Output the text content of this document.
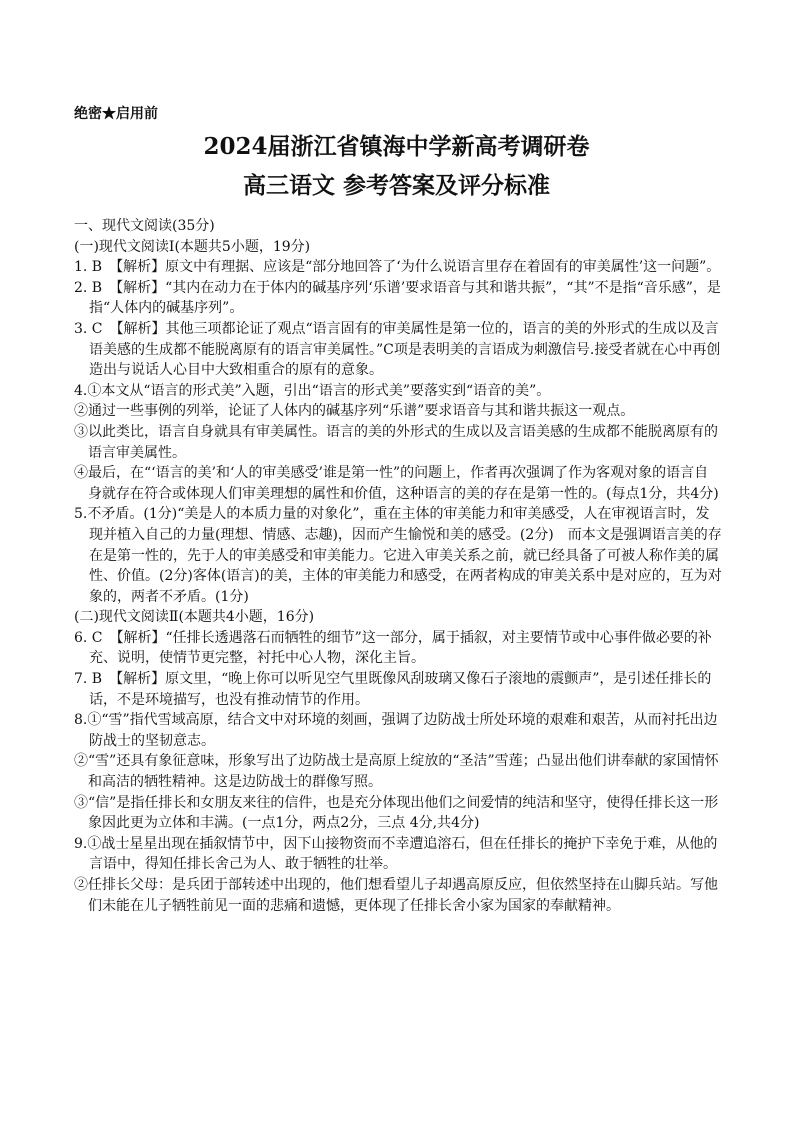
绝密★启用前
2024届浙江省镇海中学新高考调研卷
高三语文 参考答案及评分标准

一、现代文阅读(35分)

(一)现代文阅读Ⅰ(本题共5小题，19分)

1. B　【解析】原文中有理据、应该是“部分地回答了‘为什么说语言里存在着固有的审美属性’这一问题”。

2. B　【解析】“其内在动力在于体内的碱基序列‘乐谱’要求语音与其和谐共振”，“其”不是指“音乐感”，是指“人体内的碱基序列”。

3. C　【解析】其他三项都论证了观点“语言固有的审美属性是第一位的，语言的美的外形式的生成以及言语美感的生成都不能脱离原有的语言审美属性。”C项是表明美的言语成为刺激信号.接受者就在心中再创造出与说话人心目中大致相重合的原有的意象。

4.①本文从“语言的形式美”入题，引出“语言的形式美”要落实到“语音的美”。

②通过一些事例的列举，论证了人体内的碱基序列“乐谱”要求语音与其和谐共振这一观点。

③以此类比，语言自身就具有审美属性。语言的美的外形式的生成以及言语美感的生成都不能脱离原有的语言审美属性。

④最后，在“‘语言的美’和‘人的审美感受’谁是第一性”的问题上，作者再次强调了作为客观对象的语言自身就存在符合或体现人们审美理想的属性和价值，这种语言的美的存在是第一性的。(每点1分，共4分)

5.不矛盾。(1分)“美是人的本质力量的对象化”，重在主体的审美能力和审美感受，人在审视语言时，发现并植入自己的力量(理想、情感、志趣)，因而产生愉悦和美的感受。(2分)　而本文是强调语言美的存在是第一性的，先于人的审美感受和审美能力。它进入审美关系之前，就已经具备了可被人称作美的属性、价值。(2分)客体(语言)的美，主体的审美能力和感受，在两者构成的审美关系中是对应的，互为对象的，两者不矛盾。(1分)

(二)现代文阅读Ⅱ(本题共4小题，16分)

6. C　【解析】“任排长透遇落石而牺牲的细节”这一部分，属于插叙，对主要情节或中心事件做必要的补充、说明，使情节更完整，衬托中心人物，深化主旨。

7. B　【解析】原文里，“晚上你可以听见空气里既像风刮玻璃又像石子滚地的震颤声”，是引述任排长的话，不是环境描写，也没有推动情节的作用。

8.①“雪”指代雪域高原，结合文中对环境的刻画，强调了边防战士所处环境的艰难和艰苦，从而衬托出边防战士的坚韧意志。

②“雪”还具有象征意味，形象写出了边防战士是高原上绽放的“圣洁”雪莲；凸显出他们讲奉献的家国情怀和高洁的牺牲精神。这是边防战士的群像写照。

③“信”是指任排长和女朋友来往的信件，也是充分体现出他们之间爱情的纯洁和坚守，使得任排长这一形象因此更为立体和丰满。(一点1分，两点2分，三点 4分,共4分)

9.①战士星星出现在插叙情节中，因下山接物资而不幸遭追溶石，但在任排长的掩护下幸免于难，从他的言语中，得知任排长舍己为人、敢于牺牲的壮举。

②任排长父母：是兵团于部转述中出现的，他们想看望儿子却遇高原反应，但依然坚持在山脚兵站。写他们未能在儿子牺牲前见一面的悲痛和遗憾，更体现了任排长舍小家为国家的奉献精神。
